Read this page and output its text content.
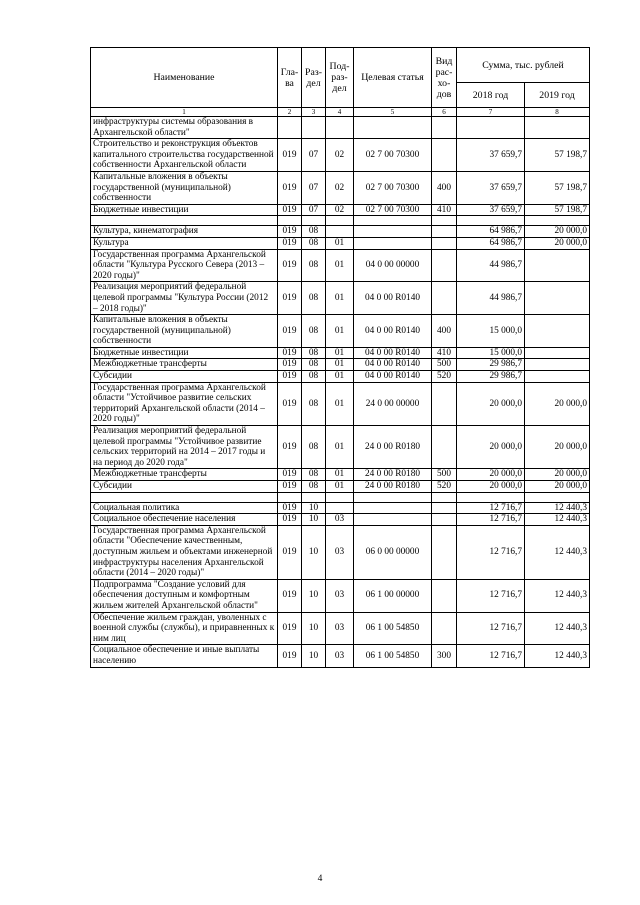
Наименование	Гла-ва	Раз-дел	Под-раз-дел	Целевая статья	Вид рас-хо-дов	Сумма, тыс. рублей	
						2018 год	2019 год
1	2	3	4	5	6	7	8
инфраструктуры системы образования в Архангельской области"							
Строительство и реконструкция объектов капитального строительства государственной собственности Архангельской области	019	07	02	02 7 00 70300		37 659,7	57 198,7
Капитальные вложения в объекты государственной (муниципальной) собственности	019	07	02	02 7 00 70300	400	37 659,7	57 198,7
Бюджетные инвестиции	019	07	02	02 7 00 70300	410	37 659,7	57 198,7

Культура, кинематография	019	08				64 986,7	20 000,0
Культура	019	08	01			64 986,7	20 000,0
Государственная программа Архангельской области "Культура Русского Севера (2013 – 2020 годы)"	019	08	01	04 0 00 00000		44 986,7	
Реализация мероприятий федеральной целевой программы "Культура России (2012 – 2018 годы)"	019	08	01	04 0 00 R0140		44 986,7	
Капитальные вложения в объекты государственной (муниципальной) собственности	019	08	01	04 0 00 R0140	400	15 000,0	
Бюджетные инвестиции	019	08	01	04 0 00 R0140	410	15 000,0	
Межбюджетные трансферты	019	08	01	04 0 00 R0140	500	29 986,7	
Субсидии	019	08	01	04 0 00 R0140	520	29 986,7	
Государственная программа Архангельской области "Устойчивое развитие сельских территорий Архангельской области (2014 – 2020 годы)"	019	08	01	24 0 00 00000		20 000,0	20 000,0
Реализация мероприятий федеральной целевой программы "Устойчивое развитие сельских территорий на 2014 – 2017 годы и на период до 2020 года"	019	08	01	24 0 00 R0180		20 000,0	20 000,0
Межбюджетные трансферты	019	08	01	24 0 00 R0180	500	20 000,0	20 000,0
Субсидии	019	08	01	24 0 00 R0180	520	20 000,0	20 000,0

Социальная политика	019	10				12 716,7	12 440,3
Социальное обеспечение населения	019	10	03			12 716,7	12 440,3
Государственная программа Архангельской области "Обеспечение качественным, доступным жильем и объектами инженерной инфраструктуры населения Архангельской области (2014 – 2020 годы)"	019	10	03	06 0 00 00000		12 716,7	12 440,3
Подпрограмма "Создание условий для обеспечения доступным и комфортным жильем жителей Архангельской области"	019	10	03	06 1 00 00000		12 716,7	12 440,3
Обеспечение жильем граждан, уволенных с военной службы (службы), и приравненных к ним лиц	019	10	03	06 1 00 54850		12 716,7	12 440,3
Социальное обеспечение и иные выплаты населению	019	10	03	06 1 00 54850	300	12 716,7	12 440,3
4
